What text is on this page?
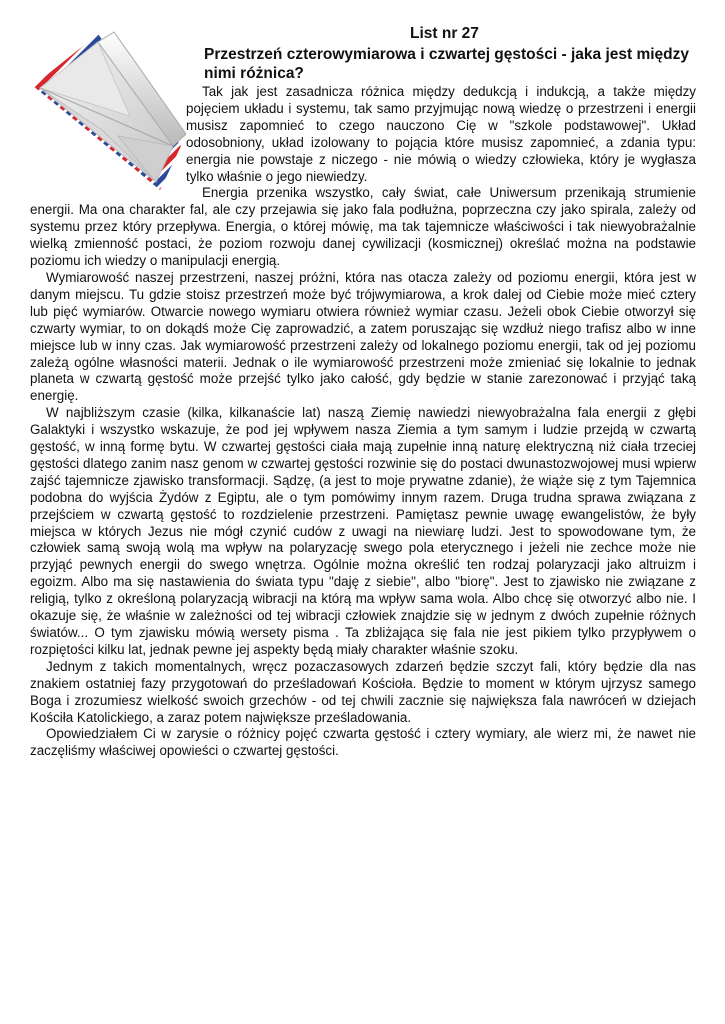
List nr 27

Przestrzeń czterowymiarowa i czwartej gęstości - jaka jest między nimi różnica?

Tak jak jest zasadnicza różnica między dedukcją i indukcją, a także między pojęciem układu i systemu, tak samo przyjmując nową wiedzę o przestrzeni i energii musisz zapomnieć to czego nauczono Cię w "szkole podstawowej". Układ odosobniony, układ izolowany to pojącia które musisz zapomnieć, a zdania typu: energia nie powstaje z niczego - nie mówią o wiedzy człowieka, który je wygłasza tylko właśnie o jego niewiedzy.

Energia przenika wszystko, cały świat, całe Uniwersum przenikają strumienie energii. Ma ona charakter fal, ale czy przejawia się jako fala podłużna, poprzeczna czy jako spirala, zależy od systemu przez który przepływa. Energia, o której mówię, ma tak tajemnicze właściwości i tak niewyobrażalnie wielką zmienność postaci, że poziom rozwoju danej cywilizacji (kosmicznej) określać można na podstawie poziomu ich wiedzy o manipulacji energią.

Wymiarowość naszej przestrzeni, naszej próżni, która nas otacza zależy od poziomu energii, która jest w danym miejscu. Tu gdzie stoisz przestrzeń może być trójwymiarowa, a krok dalej od Ciebie może mieć cztery lub pięć wymiarów. Otwarcie nowego wymiaru otwiera również wymiar czasu. Jeżeli obok Ciebie otworzył się czwarty wymiar, to on dokądś może Cię zaprowadzić, a zatem poruszając się wzdłuż niego trafisz albo w inne miejsce lub w inny czas. Jak wymiarowość przestrzeni zależy od lokalnego poziomu energii, tak od jej poziomu zależą ogólne własności materii. Jednak o ile wymiarowość przestrzeni może zmieniać się lokalnie to jednak planeta w czwartą gęstość może przejść tylko jako całość, gdy będzie w stanie zarezonować i przyjąć taką energię.

W najbliższym czasie (kilka, kilkanaście lat) naszą Ziemię nawiedzi niewyobrażalna fala energii z głębi Galaktyki i wszystko wskazuje, że pod jej wpływem nasza Ziemia a tym samym i ludzie przejdą w czwartą gęstość, w inną formę bytu. W czwartej gęstości ciała mają zupełnie inną naturę elektryczną niż ciała trzeciej gęstości dlatego zanim nasz genom w czwartej gęstości rozwinie się do postaci dwunastozwojowej musi wpierw zajść tajemnicze zjawisko transformacji. Sądzę, (a jest to moje prywatne zdanie), że wiąże się z tym Tajemnica podobna do wyjścia Żydów z Egiptu, ale o tym pomówimy innym razem. Druga trudna sprawa związana z przejściem w czwartą gęstość to rozdzielenie przestrzeni. Pamiętasz pewnie uwagę ewangelistów, że były miejsca w których Jezus nie mógł czynić cudów z uwagi na niewiarę ludzi. Jest to spowodowane tym, że człowiek samą swoją wolą ma wpływ na polaryzację swego pola eterycznego i jeżeli nie zechce może nie przyjąć pewnych energii do swego wnętrza. Ogólnie można określić ten rodzaj polaryzacji jako altruizm i egoizm. Albo ma się nastawienia do świata typu "daję z siebie", albo "biorę". Jest to zjawisko nie związane z religią, tylko z określoną polaryzacją wibracji na którą ma wpływ sama wola. Albo chcę się otworzyć albo nie. I okazuje się, że właśnie w zależności od tej wibracji człowiek znajdzie się w jednym z dwóch zupełnie różnych światów... O tym zjawisku mówią wersety pisma . Ta zbliżająca się fala nie jest pikiem tylko przypływem o rozpiętości kilku lat, jednak pewne jej aspekty będą miały charakter właśnie szoku.

Jednym z takich momentalnych, wręcz pozaczasowych zdarzeń będzie szczyt fali, który będzie dla nas znakiem ostatniej fazy przygotowań do prześladowań Kościoła. Będzie to moment w którym ujrzysz samego Boga i zrozumiesz wielkość swoich grzechów - od tej chwili zacznie się największa fala nawróceń w dziejach Kościła Katolickiego, a zaraz potem największe prześladowania.

Opowiedziałem Ci w zarysie o różnicy pojęć czwarta gęstość i cztery wymiary, ale wierz mi, że nawet nie zaczęliśmy właściwej opowieści o czwartej gęstości.
